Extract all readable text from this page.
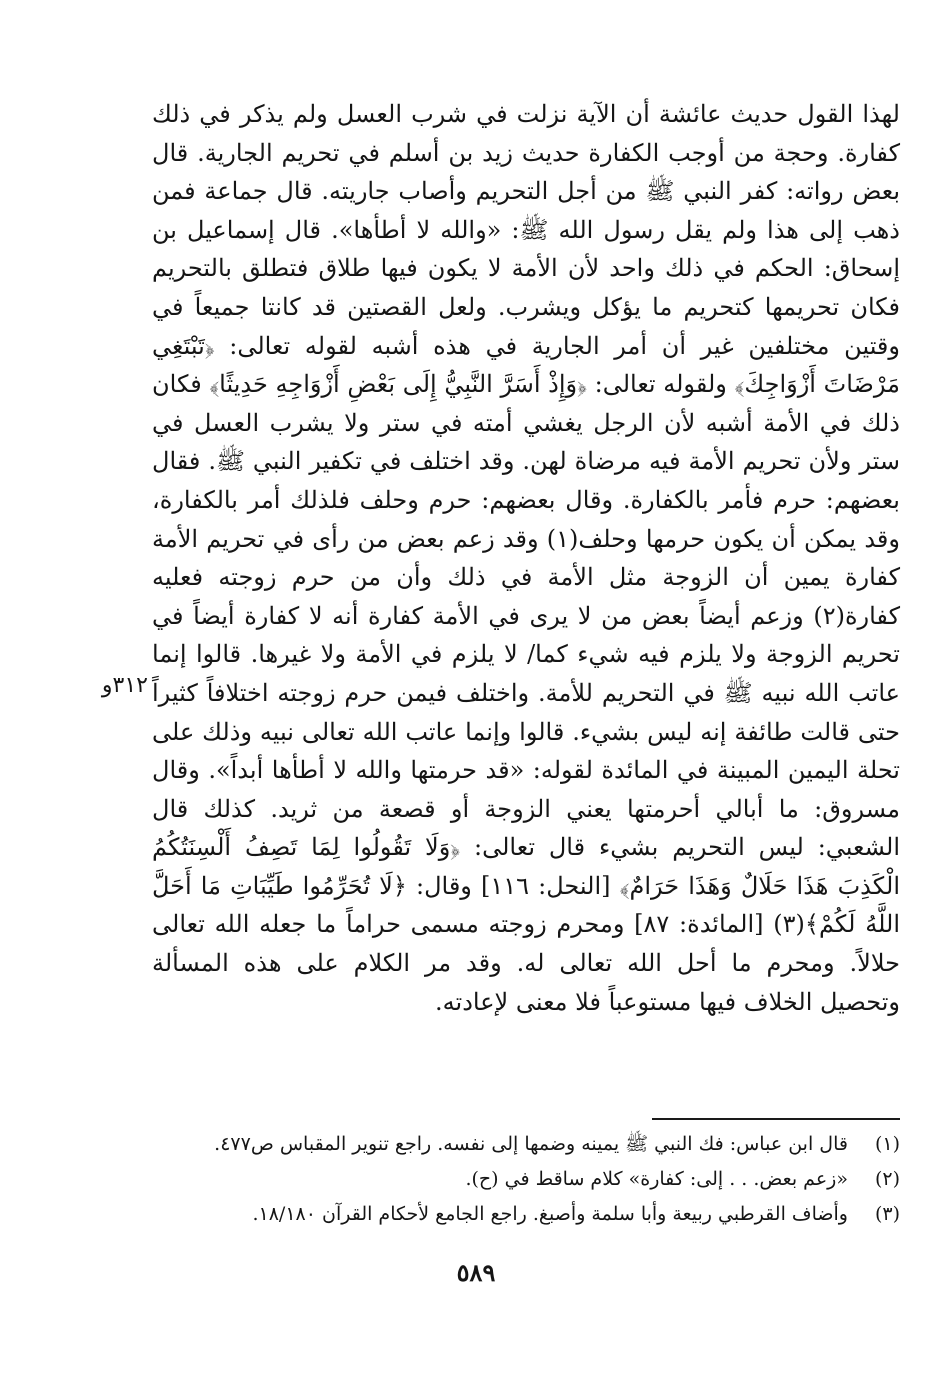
لهذا القول حديث عائشة أن الآية نزلت في شرب العسل ولم يذكر في ذلك كفارة. وحجة من أوجب الكفارة حديث زيد بن أسلم في تحريم الجارية. قال بعض رواته: كفر النبي ﷺ من أجل التحريم وأصاب جاريته. قال جماعة فمن ذهب إلى هذا ولم يقل رسول الله ﷺ: «والله لا أطأها». قال إسماعيل بن إسحاق: الحكم في ذلك واحد لأن الأمة لا يكون فيها طلاق فتطلق بالتحريم فكان تحريمها كتحريم ما يؤكل ويشرب. ولعل القصتين قد كانتا جميعاً في وقتين مختلفين غير أن أمر الجارية في هذه أشبه لقوله تعالى: ﴿تَبْتَغِي مَرْضَاتَ أَزْوَاجِكَ﴾ ولقوله تعالى: ﴿وَإِذْ أَسَرَّ النَّبِيُّ إِلَى بَعْضِ أَزْوَاجِهِ حَدِيثًا﴾ فكان ذلك في الأمة أشبه لأن الرجل يغشي أمته في ستر ولا يشرب العسل في ستر ولأن تحريم الأمة فيه مرضاة لهن. وقد اختلف في تكفير النبي ﷺ. فقال بعضهم: حرم فأمر بالكفارة. وقال بعضهم: حرم وحلف فلذلك أمر بالكفارة، وقد يمكن أن يكون حرمها وحلف(١) وقد زعم بعض من رأى في تحريم الأمة كفارة يمين أن الزوجة مثل الأمة في ذلك وأن من حرم زوجته فعليه كفارة(٢) وزعم أيضاً بعض من لا يرى في الأمة كفارة أنه لا كفارة أيضاً في تحريم الزوجة ولا يلزم فيه شيء كما/ لا يلزم في الأمة ولا غيرها. قالوا إنما عاتب الله نبيه ﷺ في التحريم للأمة. واختلف فيمن حرم زوجته اختلافاً كثيراً حتى قالت طائفة إنه ليس بشيء. قالوا وإنما عاتب الله تعالى نبيه وذلك على تحلة اليمين المبينة في المائدة لقوله: «قد حرمتها والله لا أطأها أبداً». وقال مسروق: ما أبالي أحرمتها يعني الزوجة أو قصعة من ثريد. كذلك قال الشعبي: ليس التحريم بشيء قال تعالى: ﴿وَلَا تَقُولُوا لِمَا تَصِفُ أَلْسِنَتُكُمُ الْكَذِبَ هَذَا حَلَالٌ وَهَذَا حَرَامٌ﴾ [النحل: ١١٦] وقال: ﴿لَا تُحَرِّمُوا طَيِّبَاتِ مَا أَحَلَّ اللَّهُ لَكُمْ﴾(٣) [المائدة: ٨٧] ومحرم زوجته مسمى حراماً ما جعله الله تعالى حلالاً. ومحرم ما أحل الله تعالى له. وقد مر الكلام على هذه المسألة وتحصيل الخلاف فيها مستوعباً فلا معنى لإعادته.

٣١٢و

(١) قال ابن عباس: فك النبي ﷺ يمينه وضمها إلى نفسه. راجع تنوير المقباس ص٤٧٧.

(٢) «زعم بعض. . . إلى: كفارة» كلام ساقط في (ح).

(٣) وأضاف القرطبي ربيعة وأبا سلمة وأصبغ. راجع الجامع لأحكام القرآن ١٨/١٨٠.

٥٨٩
